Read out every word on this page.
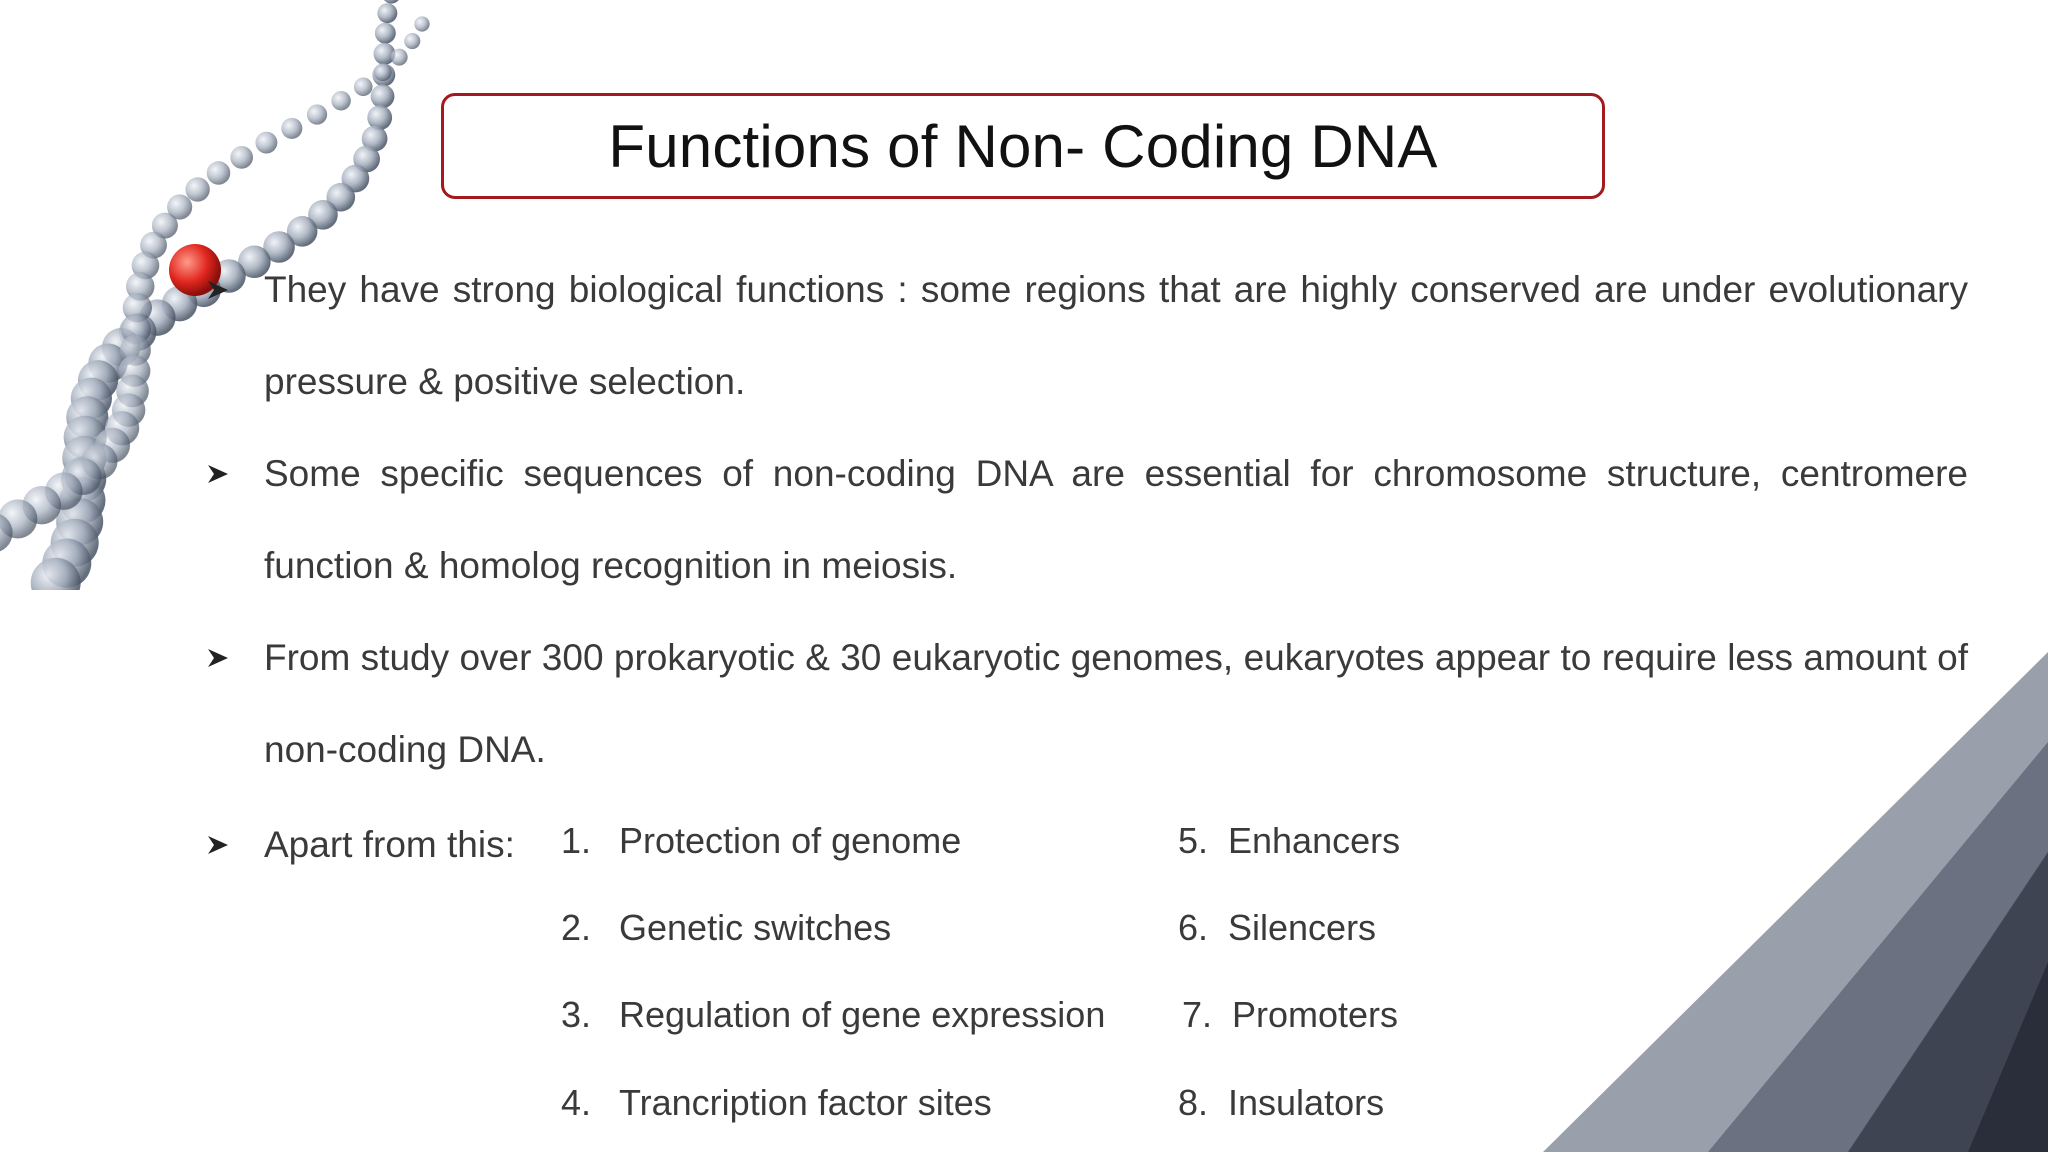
Functions of Non- Coding DNA
They have strong biological functions : some regions that are highly conserved are under evolutionary pressure & positive selection.
Some specific sequences of non-coding DNA are essential for chromosome structure, centromere function & homolog recognition in meiosis.
From study over 300 prokaryotic & 30 eukaryotic genomes, eukaryotes appear to require less amount of non-coding DNA.
Apart from this: 1. Protection of genome
2. Genetic switches
3. Regulation of gene expression
4. Trancription factor sites
5. Enhancers
6. Silencers
7. Promoters
8. Insulators
